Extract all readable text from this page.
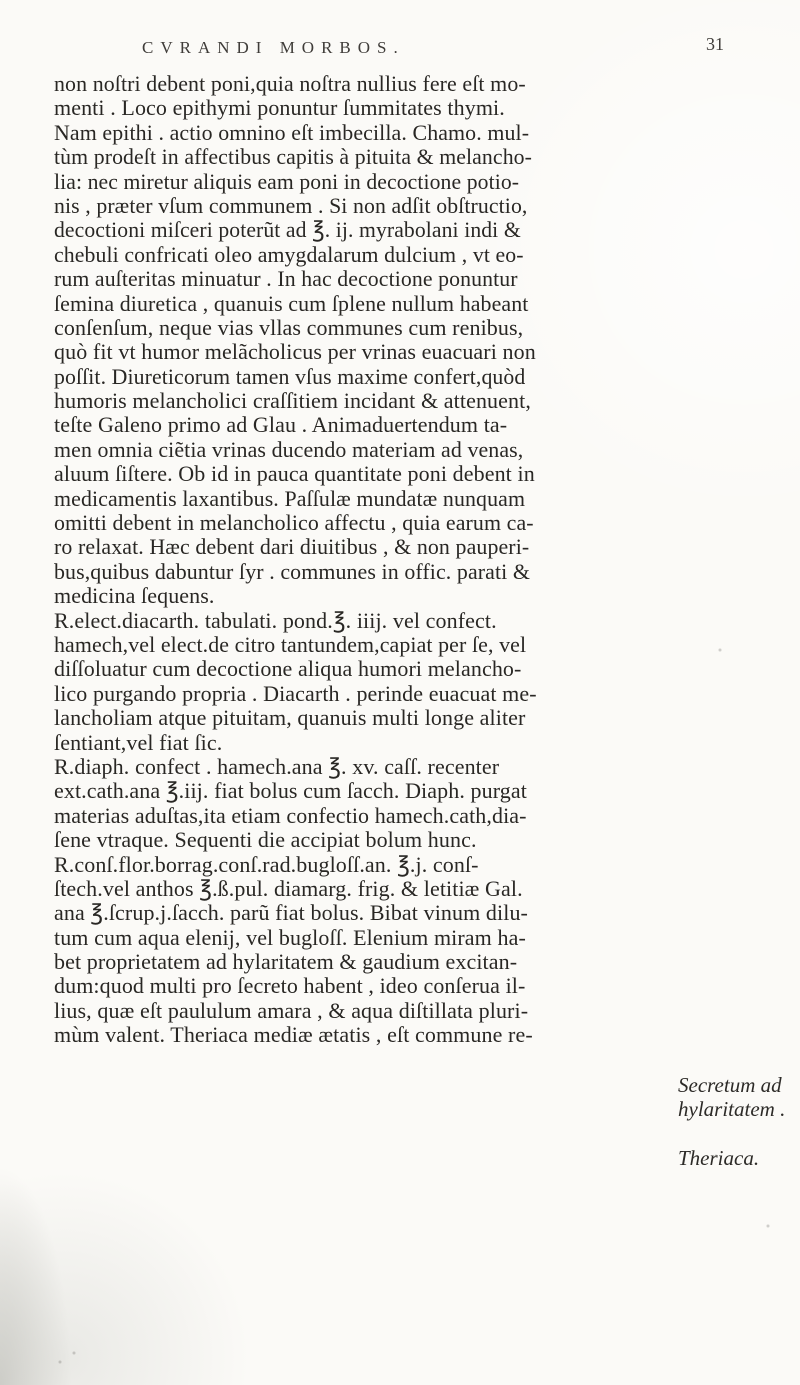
CVRANDI MORBOS.	31
non noſtri debent poni,quia noſtra nullius fere eſt mo-
menti . Loco epithymi ponuntur ſummitates thymi.
Nam epithi . actio omnino eſt imbecilla. Chamo. mul-
tùm prodeſt in affectibus capitis à pituita & melancho-
lia: nec miretur aliquis eam poni in decoctione potio-
nis , præter vſum communem . Si non adſit obſtructio,
decoctioni miſceri poterũt ad ℥. ij. myrabolani indi &
chebuli confricati oleo amygdalarum dulcium , vt eo-
rum auſteritas minuatur . In hac decoctione ponuntur
ſemina diuretica , quanuis cum ſplene nullum habeant
conſenſum, neque vias vllas communes cum renibus,
quò fit vt humor melãcholicus per vrinas euacuari non
poſſit. Diureticorum tamen vſus maxime confert,quòd
humoris melancholici craſſitiem incidant & attenuent,
teſte Galeno primo ad Glau . Animaduertendum ta-
men omnia ciẽtia vrinas ducendo materiam ad venas,
aluum ſiſtere. Ob id in pauca quantitate poni debent in
medicamentis laxantibus. Paſſulæ mundatæ nunquam
omitti debent in melancholico affectu , quia earum ca-
ro relaxat. Hæc debent dari diuitibus , & non pauperi-
bus,quibus dabuntur ſyr . communes in offic. parati &
medicina ſequens.
R.elect.diacarth. tabulati. pond.℥. iiij. vel confect.
hamech,vel elect.de citro tantundem,capiat per ſe, vel
diſſoluatur cum decoctione aliqua humori melancho-
lico purgando propria . Diacarth . perinde euacuat me-
lancholiam atque pituitam, quanuis multi longe aliter
ſentiant,vel fiat ſic.
R.diaph. confect . hamech.ana ℥. xv. caſſ. recenter
ext.cath.ana ℥.iij. fiat bolus cum ſacch. Diaph. purgat
materias aduſtas,ita etiam confectio hamech.cath,dia-
ſene vtraque. Sequenti die accipiat bolum hunc.
R.conſ.flor.borrag.conſ.rad.bugloſſ.an. ℥.j. conſ-
ſtech.vel anthos ℥.ß.pul. diamarg. frig. & letitiæ Gal.
ana ℥.ſcrup.j.ſacch. parũ fiat bolus. Bibat vinum dilu-
tum cum aqua elenij, vel bugloſſ. Elenium miram ha-
bet proprietatem ad hylaritatem & gaudium excitan-
dum:quod multi pro ſecreto habent , ideo conſerua il-
lius, quæ eſt paululum amara , & aqua diſtillata pluri-
mùm valent. Theriaca mediæ ætatis , eſt commune re-
Secretum ad
hylaritatem .
Theriaca.
